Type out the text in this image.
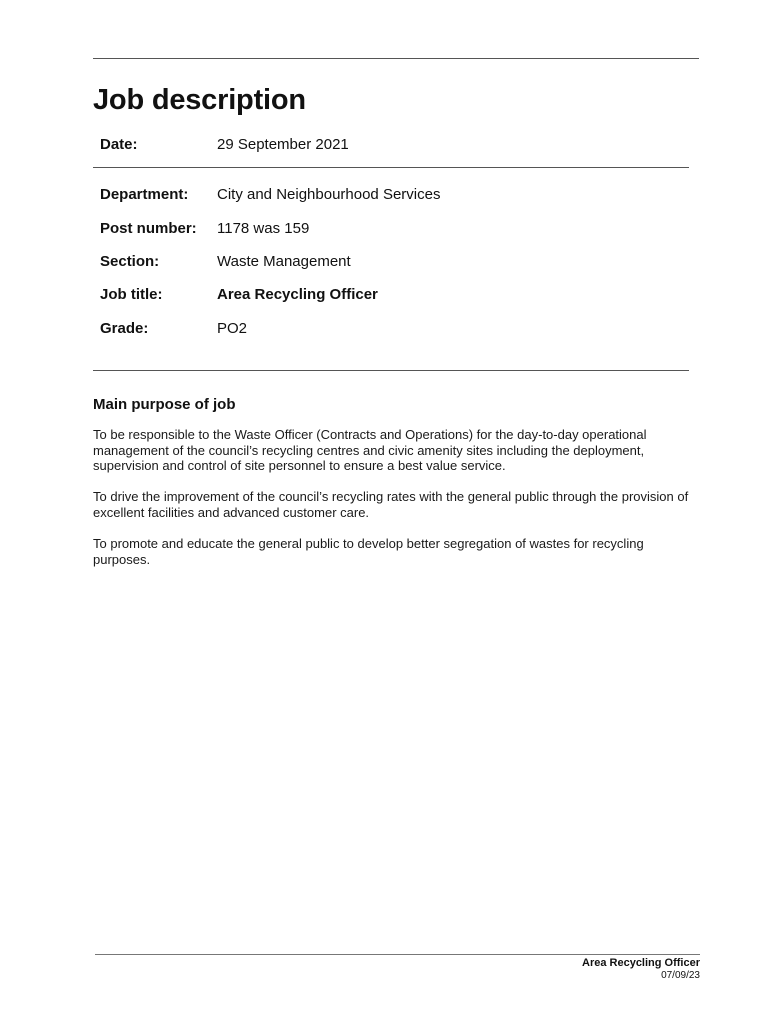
Job description
Date:	29 September 2021
Department: City and Neighbourhood Services
Post number: 1178 was 159
Section:	Waste Management
Job title:	Area Recycling Officer
Grade:	PO2
Main purpose of job

To be responsible to the Waste Officer (Contracts and Operations) for the day-to-day operational management of the council’s recycling centres and civic amenity sites including the deployment, supervision and control of site personnel to ensure a best value service.

To drive the improvement of the council’s recycling rates with the general public through the provision of excellent facilities and advanced customer care.

To promote and educate the general public to develop better segregation of wastes for recycling purposes.

Area Recycling Officer
07/09/23
